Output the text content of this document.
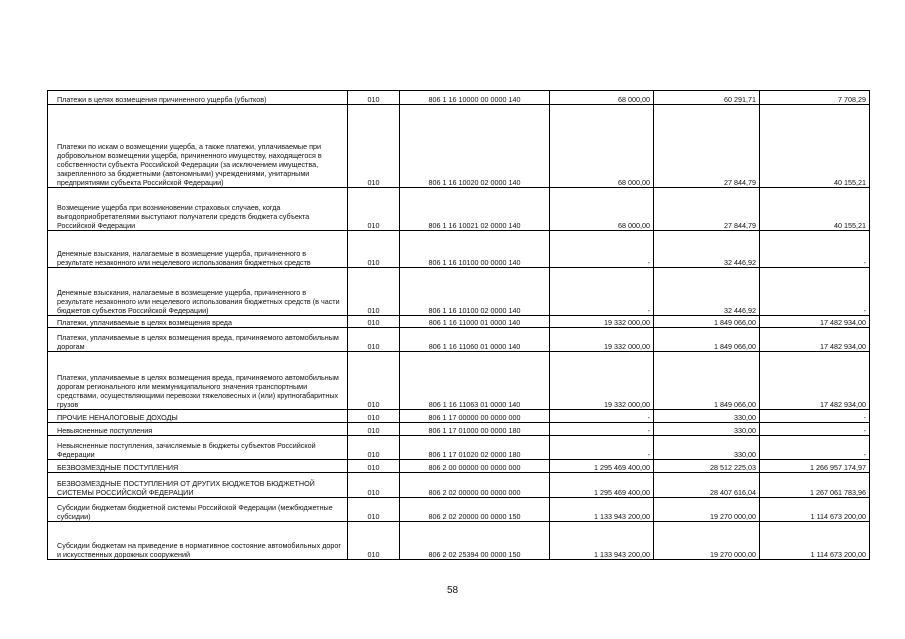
Платежи в целях возмещения причиненного ущерба (убытков)	010	806 1 16 10000 00 0000 140	68 000,00	60 291,71	7 708,29
Платежи по искам о возмещении ущерба, а также платежи, уплачиваемые при добровольном возмещении ущерба, причиненного имуществу, находящегося в собственности субъекта Российской Федерации (за исключением имущества, закрепленного за бюджетными (автономными) учреждениями, унитарными предприятиями субъекта Российской Федерации)	010	806 1 16 10020 02 0000 140	68 000,00	27 844,79	40 155,21
Возмещение ущерба при возникновении страховых случаев, когда выгодоприобретателями выступают получатели средств бюджета субъекта Российской Федерации	010	806 1 16 10021 02 0000 140	68 000,00	27 844,79	40 155,21
Денежные взыскания, налагаемые в возмещение ущерба, причиненного в результате незаконного или нецелевого использования бюджетных средств	010	806 1 16 10100 00 0000 140	-	32 446,92	-
Денежные взыскания, налагаемые в возмещение ущерба, причиненного в результате незаконного или нецелевого использования бюджетных средств (в части бюджетов субъектов Российской Федерации)	010	806 1 16 10100 02 0000 140	-	32 446,92	-
Платежи, уплачиваемые в целях возмещения вреда	010	806 1 16 11000 01 0000 140	19 332 000,00	1 849 066,00	17 482 934,00
Платежи, уплачиваемые в целях возмещения вреда, причиняемого автомобильным дорогам	010	806 1 16 11060 01 0000 140	19 332 000,00	1 849 066,00	17 482 934,00
Платежи, уплачиваемые в целях возмещения вреда, причиняемого автомобильным дорогам регионального или межмуниципального значения транспортными средствами, осуществляющими перевозки тяжеловесных и (или) крупногабаритных грузов	010	806 1 16 11063 01 0000 140	19 332 000,00	1 849 066,00	17 482 934,00
ПРОЧИЕ НЕНАЛОГОВЫЕ ДОХОДЫ	010	806 1 17 00000 00 0000 000	-	330,00	-
Невыясненные поступления	010	806 1 17 01000 00 0000 180	-	330,00	-
Невыясненные поступления, зачисляемые в бюджеты субъектов Российской Федерации	010	806 1 17 01020 02 0000 180	-	330,00	-
БЕЗВОЗМЕЗДНЫЕ ПОСТУПЛЕНИЯ	010	806 2 00 00000 00 0000 000	1 295 469 400,00	28 512 225,03	1 266 957 174,97
БЕЗВОЗМЕЗДНЫЕ ПОСТУПЛЕНИЯ ОТ ДРУГИХ БЮДЖЕТОВ БЮДЖЕТНОЙ СИСТЕМЫ РОССИЙСКОЙ ФЕДЕРАЦИИ	010	806 2 02 00000 00 0000 000	1 295 469 400,00	28 407 616,04	1 267 061 783,96
Субсидии бюджетам бюджетной системы Российской Федерации (межбюджетные субсидии)	010	806 2 02 20000 00 0000 150	1 133 943 200,00	19 270 000,00	1 114 673 200,00
Субсидии бюджетам на приведение в нормативное состояние автомобильных дорог и искусственных дорожных сооружений	010	806 2 02 25394 00 0000 150	1 133 943 200,00	19 270 000,00	1 114 673 200,00
58
